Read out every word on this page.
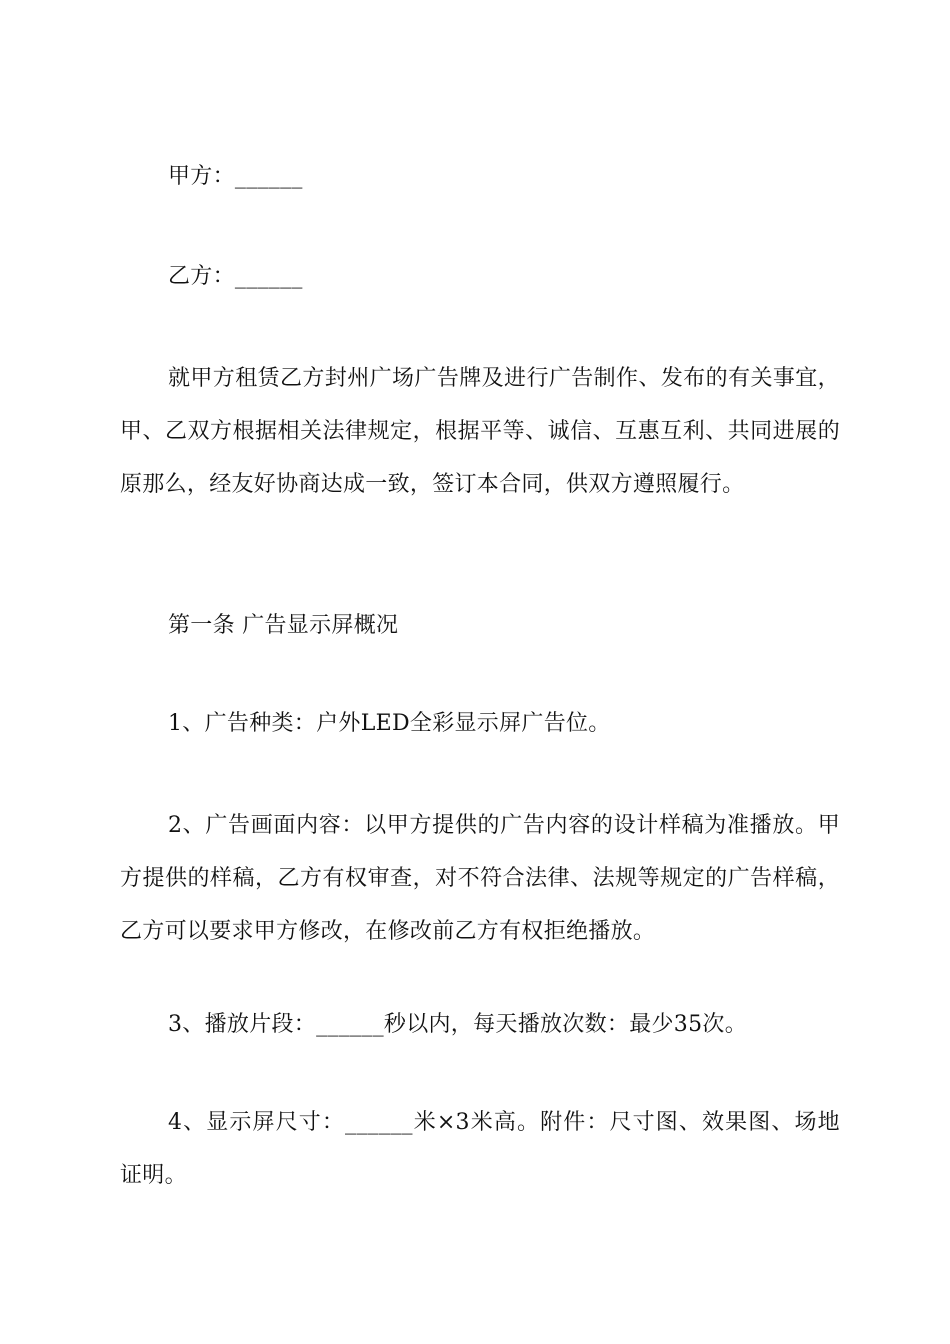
甲方：______
乙方：______
就甲方租赁乙方封州广场广告牌及进行广告制作、发布的有关事宜，甲、乙双方根据相关法律规定，根据平等、诚信、互惠互利、共同进展的原那么，经友好协商达成一致，签订本合同，供双方遵照履行。
第一条 广告显示屏概况
1、广告种类：户外LED全彩显示屏广告位。
2、广告画面内容：以甲方提供的广告内容的设计样稿为准播放。甲方提供的样稿，乙方有权审查，对不符合法律、法规等规定的广告样稿，乙方可以要求甲方修改，在修改前乙方有权拒绝播放。
3、播放片段：______秒以内，每天播放次数：最少35次。
4、显示屏尺寸：______米×3米高。附件：尺寸图、效果图、场地证明。
